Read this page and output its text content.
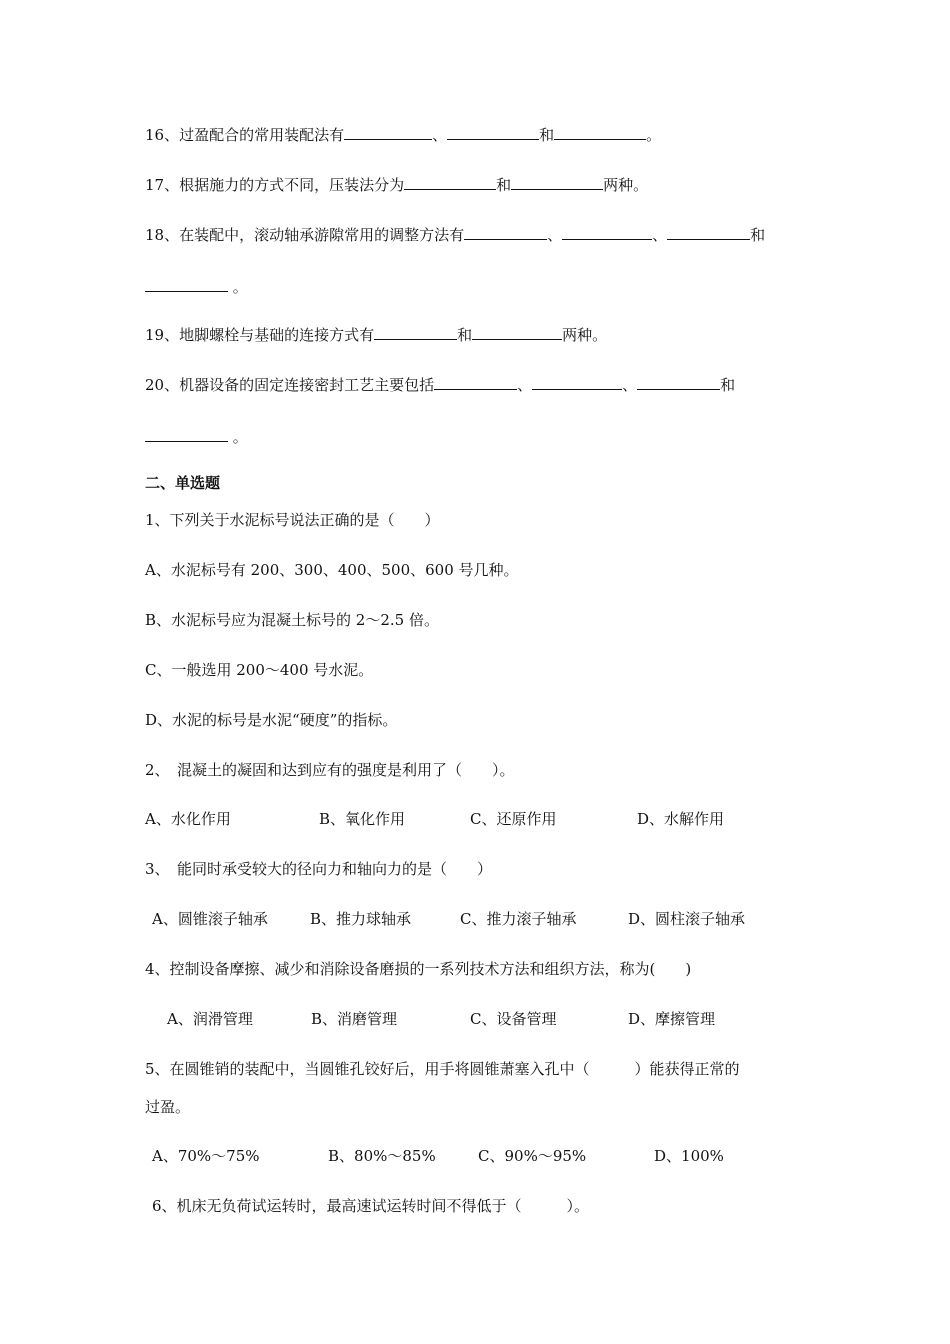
16、过盈配合的常用装配法有	、	和	。
17、根据施力的方式不同，压装法分为	和	两种。
18、在装配中，滚动轴承游隙常用的调整方法有	、	、	和
。
19、地脚螺栓与基础的连接方式有	和	两种。
20、机器设备的固定连接密封工艺主要包括	、	、	和
。
二、单选题
1、下列关于水泥标号说法正确的是（　　）
A、水泥标号有 200、300、400、500、600 号几种。
B、水泥标号应为混凝土标号的 2～2.5 倍。
C、一般选用 200～400 号水泥。
D、水泥的标号是水泥“硬度”的指标。
2、　混凝土的凝固和达到应有的强度是利用了（　　）。
A、水化作用	B、氧化作用	C、还原作用	D、水解作用
3、　能同时承受较大的径向力和轴向力的是（　　）
A、圆锥滚子轴承	B、推力球轴承	C、推力滚子轴承	D、圆柱滚子轴承
4、控制设备摩擦、减少和消除设备磨损的一系列技术方法和组织方法，称为(　　)
A、润滑管理	B、消磨管理	C、设备管理	D、摩擦管理
5、在圆锥销的装配中，当圆锥孔铰好后，用手将圆锥萧塞入孔中（　　　）能获得正常的
过盈。
A、70%～75%	B、80%～85%	C、90%～95%	D、100%
6、机床无负荷试运转时，最高速试运转时间不得低于（　　　）。
